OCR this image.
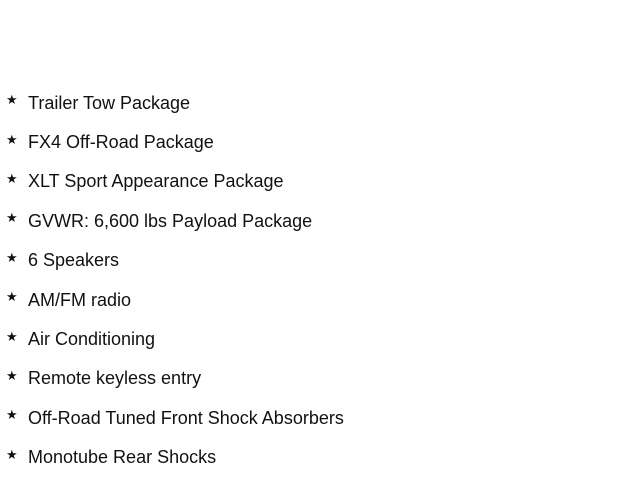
★ Trailer Tow Package
★ FX4 Off-Road Package
★ XLT Sport Appearance Package
★ GVWR: 6,600 lbs Payload Package
★ 6 Speakers
★ AM/FM radio
★ Air Conditioning
★ Remote keyless entry
★ Off-Road Tuned Front Shock Absorbers
★ Monotube Rear Shocks
